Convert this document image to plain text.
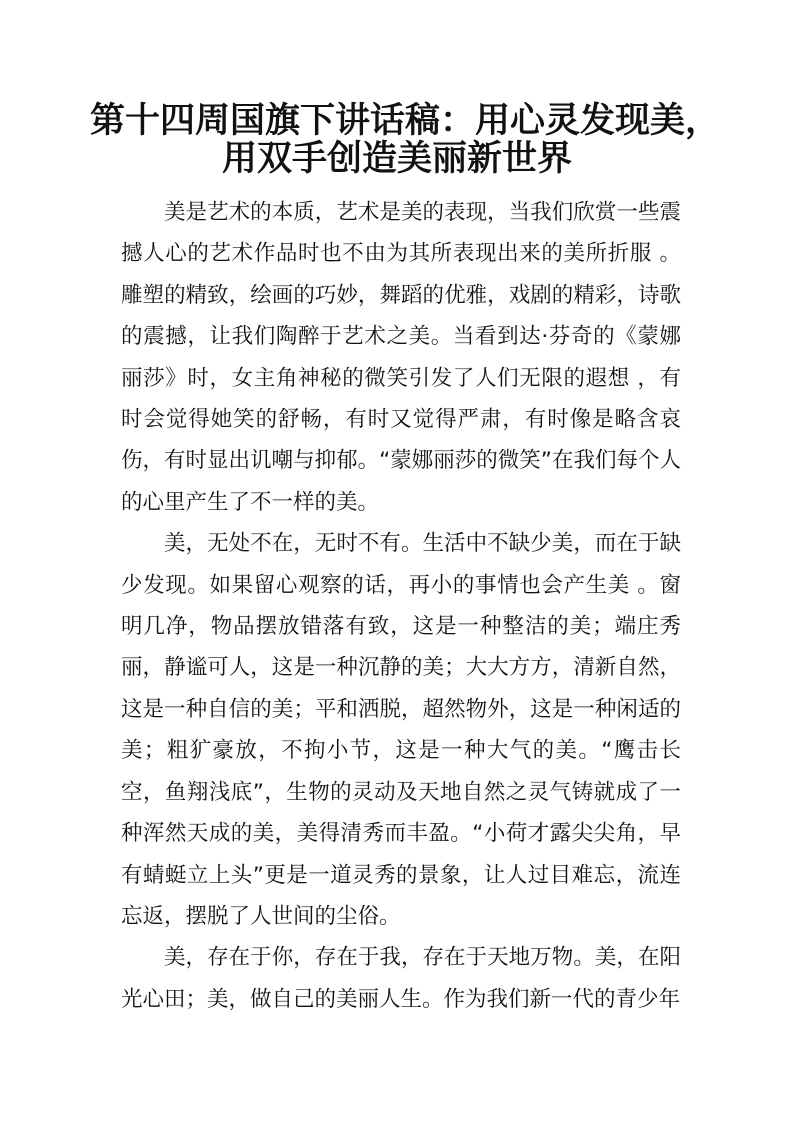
第十四周国旗下讲话稿：用心灵发现美，
用双手创造美丽新世界

美是艺术的本质，艺术是美的表现，当我们欣赏一些震撼人心的艺术作品时也不由为其所表现出来的美所折服 。雕塑的精致，绘画的巧妙，舞蹈的优雅，戏剧的精彩，诗歌的震撼，让我们陶醉于艺术之美。当看到达·芬奇的《蒙娜丽莎》时，女主角神秘的微笑引发了人们无限的遐想 ，有时会觉得她笑的舒畅，有时又觉得严肃，有时像是略含哀伤，有时显出讥嘲与抑郁。“蒙娜丽莎的微笑”在我们每个人的心里产生了不一样的美。

美，无处不在，无时不有。生活中不缺少美，而在于缺少发现。如果留心观察的话，再小的事情也会产生美 。窗明几净，物品摆放错落有致，这是一种整洁的美；端庄秀丽，静谧可人，这是一种沉静的美；大大方方，清新自然，这是一种自信的美；平和洒脱，超然物外，这是一种闲适的美；粗犷豪放，不拘小节，这是一种大气的美。“鹰击长空，鱼翔浅底”，生物的灵动及天地自然之灵气铸就成了一种浑然天成的美，美得清秀而丰盈。“小荷才露尖尖角，早有蜻蜓立上头”更是一道灵秀的景象，让人过目难忘，流连忘返，摆脱了人世间的尘俗。

美，存在于你，存在于我，存在于天地万物。美，在阳光心田；美，做自己的美丽人生。作为我们新一代的青少年
